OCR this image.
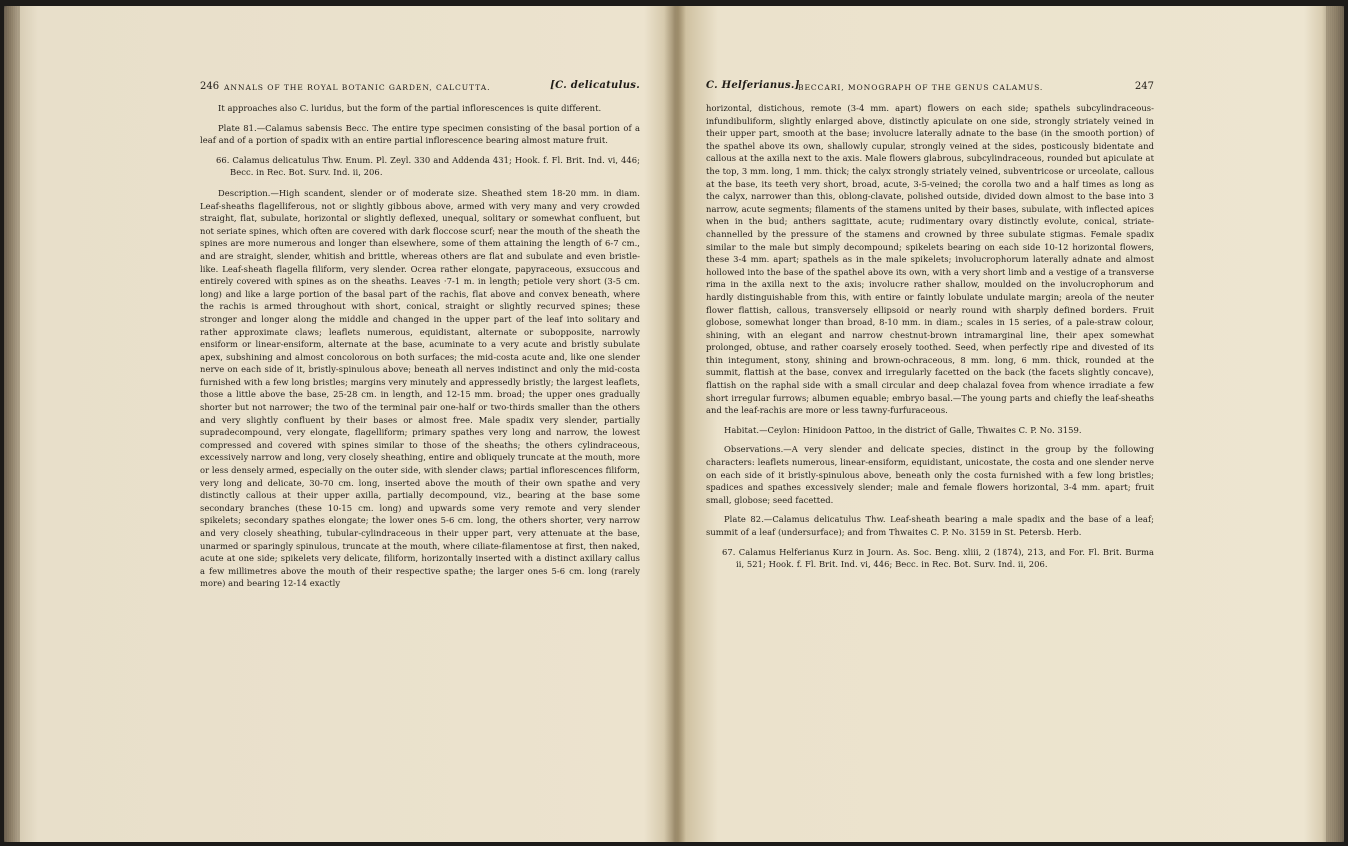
246 ANNALS OF THE ROYAL BOTANIC GARDEN, CALCUTTA.	[C. delicatulus.

It approaches also C. luridus, but the form of the partial inflorescences is quite different.

Plate 81.—Calamus sabensis Becc. The entire type specimen consisting of the basal portion of a leaf and of a portion of spadix with an entire partial inflorescence bearing almost mature fruit.

66. Calamus delicatulus Thw. Enum. Pl. Zeyl. 330 and Addenda 431; Hook. f. Fl. Brit. Ind. vi, 446; Becc. in Rec. Bot. Surv. Ind. ii, 206.

Description.—High scandent, slender or of moderate size. Sheathed stem 18-20 mm. in diam. Leaf-sheaths flagelliferous, not or slightly gibbous above, armed with very many and very crowded straight, flat, subulate, horizontal or slightly deflexed, unequal, solitary or somewhat confluent, but not seriate spines, which often are covered with dark floccose scurf; near the mouth of the sheath the spines are more numerous and longer than elsewhere, some of them attaining the length of 6-7 cm., and are straight, slender, whitish and brittle, whereas others are flat and subulate and even bristle-like. Leaf-sheath flagella filiform, very slender. Ocrea rather elongate, papyraceous, exsuccous and entirely covered with spines as on the sheaths. Leaves ·7-1 m. in length; petiole very short (3-5 cm. long) and like a large portion of the basal part of the rachis, flat above and convex beneath, where the rachis is armed throughout with short, conical, straight or slightly recurved spines; these stronger and longer along the middle and changed in the upper part of the leaf into solitary and rather approximate claws; leaflets numerous, equidistant, alternate or subopposite, narrowly ensiform or linear-ensiform, alternate at the base, acuminate to a very acute and bristly subulate apex, subshining and almost concolorous on both surfaces; the mid-costa acute and, like one slender nerve on each side of it, bristly-spinulous above; beneath all nerves indistinct and only the mid-costa furnished with a few long bristles; margins very minutely and appressedly bristly; the largest leaflets, those a little above the base, 25-28 cm. in length, and 12-15 mm. broad; the upper ones gradually shorter but not narrower; the two of the terminal pair one-half or two-thirds smaller than the others and very slightly confluent by their bases or almost free. Male spadix very slender, partially supradecompound, very elongate, flagelliform; primary spathes very long and narrow, the lowest compressed and covered with spines similar to those of the sheaths; the others cylindraceous, excessively narrow and long, very closely sheathing, entire and obliquely truncate at the mouth, more or less densely armed, especially on the outer side, with slender claws; partial inflorescences filiform, very long and delicate, 30-70 cm. long, inserted above the mouth of their own spathe and very distinctly callous at their upper axilla, partially decompound, viz., bearing at the base some secondary branches (these 10-15 cm. long) and upwards some very remote and very slender spikelets; secondary spathes elongate; the lower ones 5-6 cm. long, the others shorter, very narrow and very closely sheathing, tubular-cylindraceous in their upper part, very attenuate at the base, unarmed or sparingly spinulous, truncate at the mouth, where ciliate-filamentose at first, then naked, acute at one side; spikelets very delicate, filiform, horizontally inserted with a distinct axillary callus a few millimetres above the mouth of their respective spathe; the larger ones 5-6 cm. long (rarely more) and bearing 12-14 exactly

C. Helferianus.]
BECCARI, MONOGRAPH OF THE GENUS CALAMUS.	247

horizontal, distichous, remote (3-4 mm. apart) flowers on each side; spathels subcylindraceous-infundibuliform, slightly enlarged above, distinctly apiculate on one side, strongly striately veined in their upper part, smooth at the base; involucre laterally adnate to the base (in the smooth portion) of the spathel above its own, shallowly cupular, strongly veined at the sides, posticously bidentate and callous at the axilla next to the axis. Male flowers glabrous, subcylindraceous, rounded but apiculate at the top, 3 mm. long, 1 mm. thick; the calyx strongly striately veined, subventricose or urceolate, callous at the base, its teeth very short, broad, acute, 3-5-veined; the corolla two and a half times as long as the calyx, narrower than this, oblong-clavate, polished outside, divided down almost to the base into 3 narrow, acute segments; filaments of the stamens united by their bases, subulate, with inflected apices when in the bud; anthers sagittate, acute; rudimentary ovary distinctly evolute, conical, striate-channelled by the pressure of the stamens and crowned by three subulate stigmas. Female spadix similar to the male but simply decompound; spikelets bearing on each side 10-12 horizontal flowers, these 3-4 mm. apart; spathels as in the male spikelets; involucrophorum laterally adnate and almost hollowed into the base of the spathel above its own, with a very short limb and a vestige of a transverse rima in the axilla next to the axis; involucre rather shallow, moulded on the involucrophorum and hardly distinguishable from this, with entire or faintly lobulate undulate margin; areola of the neuter flower flattish, callous, transversely ellipsoid or nearly round with sharply defined borders. Fruit globose, somewhat longer than broad, 8-10 mm. in diam.; scales in 15 series, of a pale-straw colour, shining, with an elegant and narrow chestnut-brown intramarginal line, their apex somewhat prolonged, obtuse, and rather coarsely erosely toothed. Seed, when perfectly ripe and divested of its thin integument, stony, shining and brown-ochraceous, 8 mm. long, 6 mm. thick, rounded at the summit, flattish at the base, convex and irregularly facetted on the back (the facets slightly concave), flattish on the raphal side with a small circular and deep chalazal fovea from whence irradiate a few short irregular furrows; albumen equable; embryo basal.—The young parts and chiefly the leaf-sheaths and the leaf-rachis are more or less tawny-furfuraceous.

Habitat.—Ceylon: Hinidoon Pattoo, in the district of Galle, Thwaites C. P. No. 3159.

Observations.—A very slender and delicate species, distinct in the group by the following characters: leaflets numerous, linear-ensiform, equidistant, unicostate, the costa and one slender nerve on each side of it bristly-spinulous above, beneath only the costa furnished with a few long bristles; spadices and spathes excessively slender; male and female flowers horizontal, 3-4 mm. apart; fruit small, globose; seed facetted.

Plate 82.—Calamus delicatulus Thw. Leaf-sheath bearing a male spadix and the base of a leaf; summit of a leaf (undersurface); and from Thwaites C. P. No. 3159 in St. Petersb. Herb.

67. Calamus Helferianus Kurz in Journ. As. Soc. Beng. xliii, 2 (1874), 213, and For. Fl. Brit. Burma ii, 521; Hook. f. Fl. Brit. Ind. vi, 446; Becc. in Rec. Bot. Surv. Ind. ii, 206.
